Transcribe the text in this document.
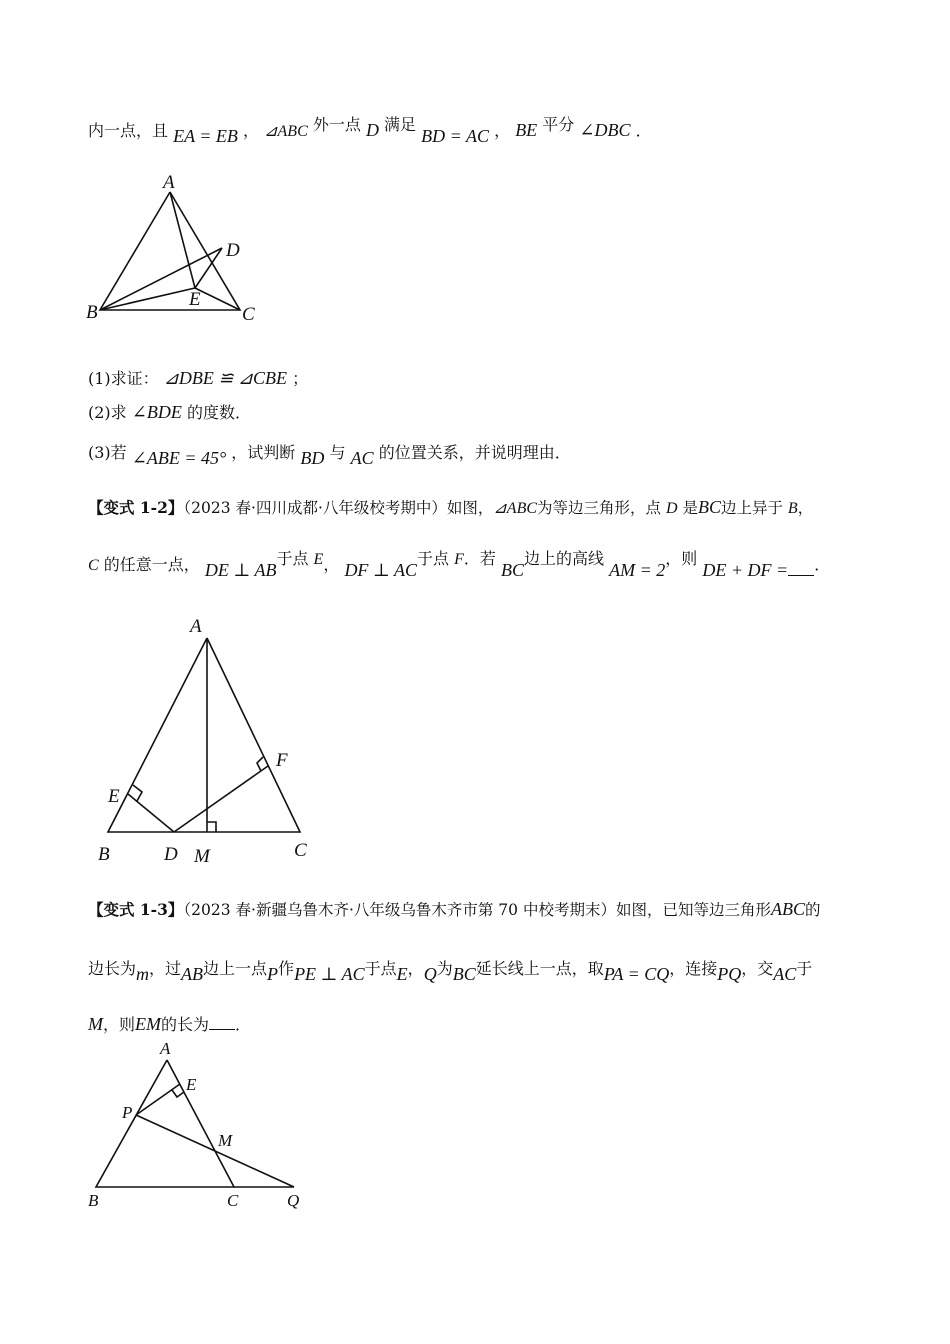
内一点，且 EA = EB ， ⊿ABC 外一点 D 满足 BD = AC ， BE 平分 ∠DBC ．
A
D
E
B	C
(1)求证： ⊿DBE ≌ ⊿CBE ；
(2)求 ∠BDE 的度数．
(3)若 ∠ABE = 45° ，试判断 BD 与 AC 的位置关系，并说明理由．
【变式 1-2】（2023 春·四川成都·八年级校考期中）如图，⊿ABC为等边三角形，点 D 是BC边上异于 B，
C 的任意一点， DE ⊥ AB于点 E， DF ⊥ AC于点 F．若 BC边上的高线 AM = 2，则 DE + DF = ．
A
F
E
B	D M	C
【变式 1-3】（2023 春·新疆乌鲁木齐·八年级乌鲁木齐市第 70 中校考期末）如图，已知等边三角形ABC的
边长为m，过AB边上一点P作PE ⊥ AC于点E，Q为BC延长线上一点，取PA = CQ，连接PQ，交AC于
M，则EM的长为 ．
A
E
P
M
B	C	Q
